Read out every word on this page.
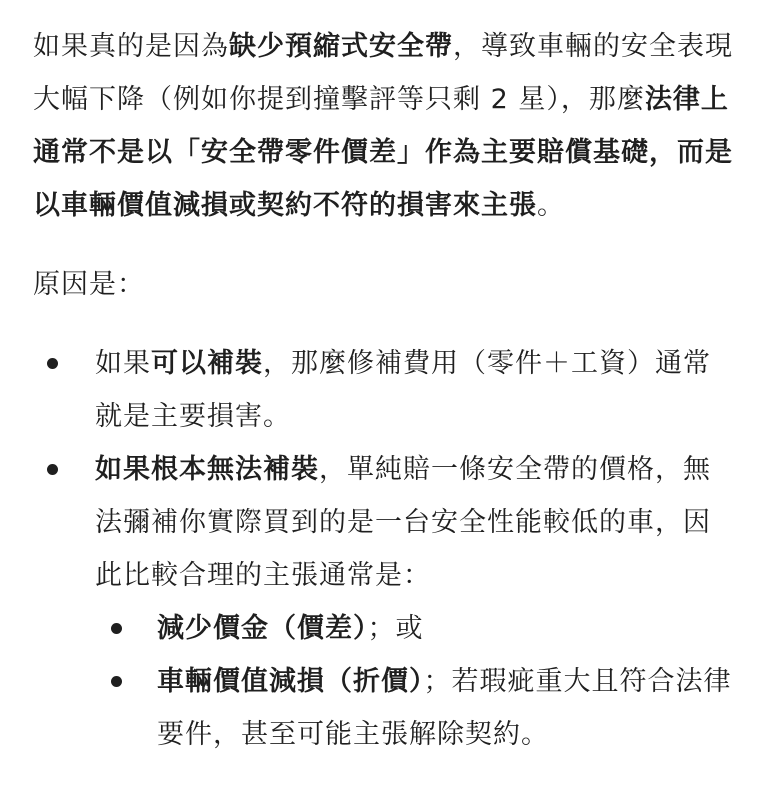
如果真的是因為缺少預縮式安全帶，導致車輛的安全表現大幅下降（例如你提到撞擊評等只剩 2 星），那麼法律上通常不是以「安全帶零件價差」作為主要賠償基礎，而是以車輛價值減損或契約不符的損害來主張。

原因是：

如果可以補裝，那麼修補費用（零件＋工資）通常就是主要損害。
如果根本無法補裝，單純賠一條安全帶的價格，無法彌補你實際買到的是一台安全性能較低的車，因此比較合理的主張通常是：
減少價金（價差）；或
車輛價值減損（折價）；若瑕疵重大且符合法律要件，甚至可能主張解除契約。
